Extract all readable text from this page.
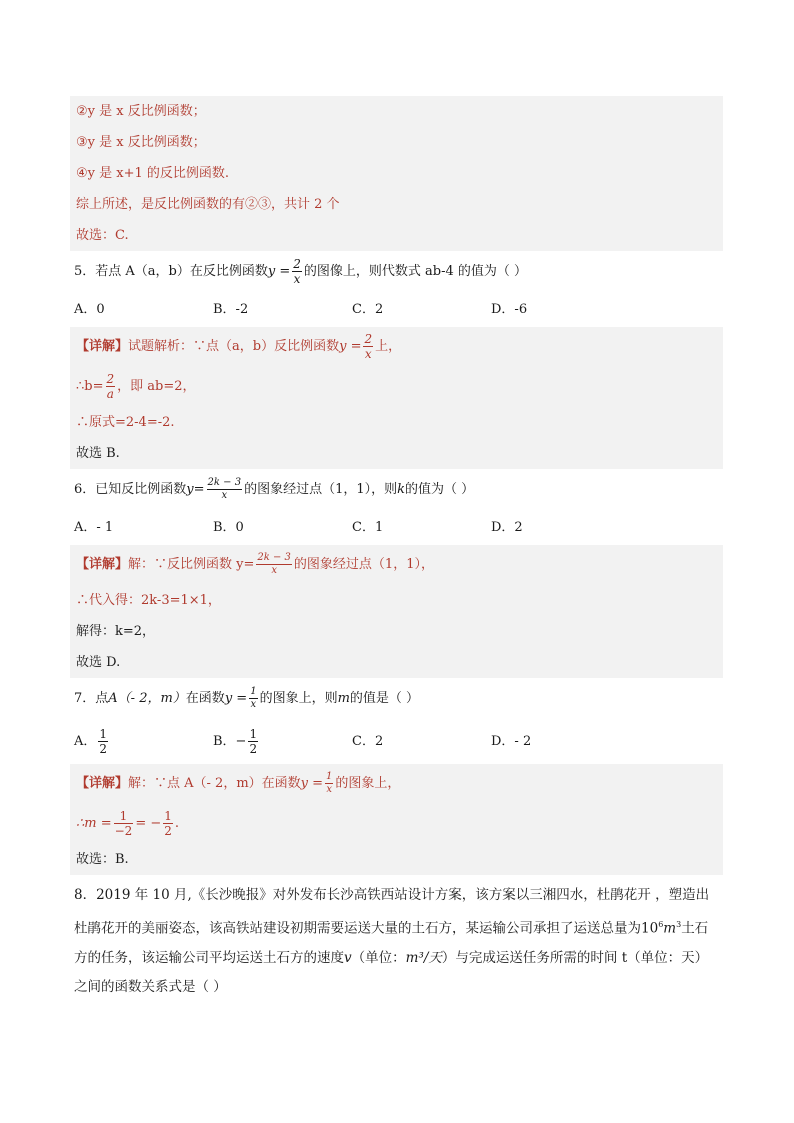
②y 是 x 反比例函数；
③y 是 x 反比例函数；
④y 是 x+1 的反比例函数.
综上所述，是反比例函数的有②③，共计 2 个
故选：C.
5．若点 A（a，b）在反比例函数$y = \frac{2}{x}$ 的图像上，则代数式 ab-4 的值为（ ）
A．0	B．-2	C．2	D．-6
【详解】试题解析：∵点（a，b）反比例函数$y = \frac{2}{x}$ 上，
∴b= $\frac{2}{a}$ ，即 ab=2，
∴原式=2-4=-2.
故选 B.
6．已知反比例函数$y= \frac{2k - 3}{x}$ 的图象经过点（1，1），则k的值为（ ）
A．- 1	B．0	C．1	D．2
【详解】解：∵反比例函数 $y= \frac{2k - 3}{x}$ 的图象经过点（1，1），
∴代入得：2k-3=1×1，
解得：k=2，
故选 D.
7．点A（- 2，m）在函数$y = \frac{1}{x}$ 的图象上，则m的值是（ ）
A． $\frac{1}{2}$	B．− $\frac{1}{2}$	C．2	D．- 2
【详解】解：∵点 A（- 2，m）在函数$y = \frac{1}{x}$ 的图象上，
∴m = $\frac{1}{-2}$ = − $\frac{1}{2}$ .
故选：B.
8．2019 年 10 月,《长沙晚报》对外发布长沙高铁西站设计方案，该方案以三湘四水，杜鹃花开 ，塑造出杜鹃花开的美丽姿态，该高铁站建设初期需要运送大量的土石方，某运输公司承担了运送总量为$10^6m^3$土石方的任务，该运输公司平均运送土石方的速度v（单位：m³/天）与完成运送任务所需的时间 t（单位：天）之间的函数关系式是（ ）
